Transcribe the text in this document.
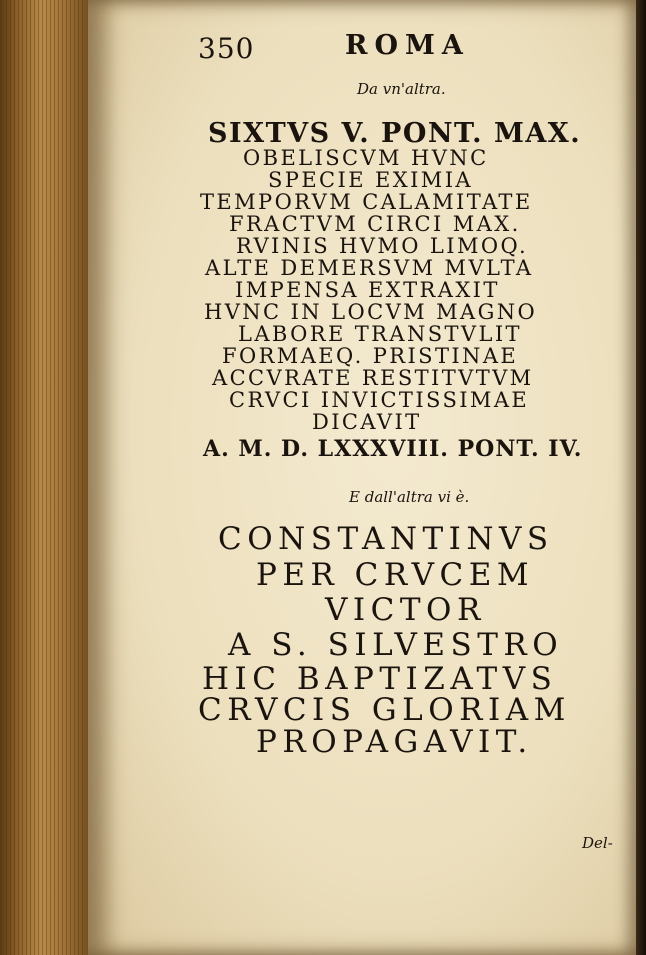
350	ROMA
Da vn'altra.
SIXTVS V. PONT. MAX.
OBELISCVM HVNC
SPECIE EXIMIA
TEMPORVM CALAMITATE
FRACTVM CIRCI MAX.
RVINIS HVMO LIMOQ.
ALTE DEMERSVM MVLTA
IMPENSA EXTRAXIT
HVNC IN LOCVM MAGNO
LABORE TRANSTVLIT
FORMAEQ. PRISTINAE
ACCVRATE RESTITVTVM
CRVCI INVICTISSIMAE
DICAVIT
A. M. D. LXXXVIII. PONT. IV.
E dall'altra vi è.
CONSTANTINVS
PER CRVCEM
VICTOR
A S. SILVESTRO
HIC BAPTIZATVS
CRVCIS GLORIAM
PROPAGAVIT.
Del-
